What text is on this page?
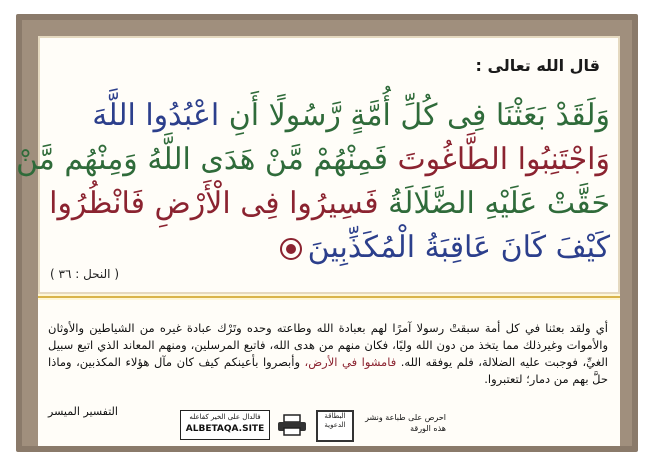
قال الله تعالى :
وَلَقَدْ بَعَثْنَا فِى كُلِّ أُمَّةٍ رَّسُولًا أَنِ اعْبُدُوا اللَّهَ
وَاجْتَنِبُوا الطَّاغُوتَ فَمِنْهُمْ مَّنْ هَدَى اللَّهُ وَمِنْهُم مَّنْ
حَقَّتْ عَلَيْهِ الضَّلَالَةُ فَسِيرُوا فِى الْأَرْضِ فَانْظُرُوا
كَيْفَ كَانَ عَاقِبَةُ الْمُكَذِّبِينَ
( النحل : ٣٦ )
أي ولقد بعثنا في كل أمة سبقتْ رسولا آمرًا لهم بعبادة الله وطاعته وحده وتَرْك عبادة غيره من الشياطين والأوثان والأموات وغيرذلك مما يتخذ من دون الله وليًا، فكان منهم من هدى الله، فاتبع المرسلين، ومنهم المعاند الذي اتبع سبيل الغيِّ، فوجبت عليه الضلالة، فلم يوفقه الله. فامشوا في الأرض، وأبصروا بأعينكم كيف كان مآل هؤلاء المكذبين، وماذا حلَّ بهم من دمار؛ لتعتبروا.
التفسير الميسر	فالدال على الخير كفاعله
ALBETAQA.SITE
البطاقة الدعوية
احرص على طباعة ونشر هذه الورقة
